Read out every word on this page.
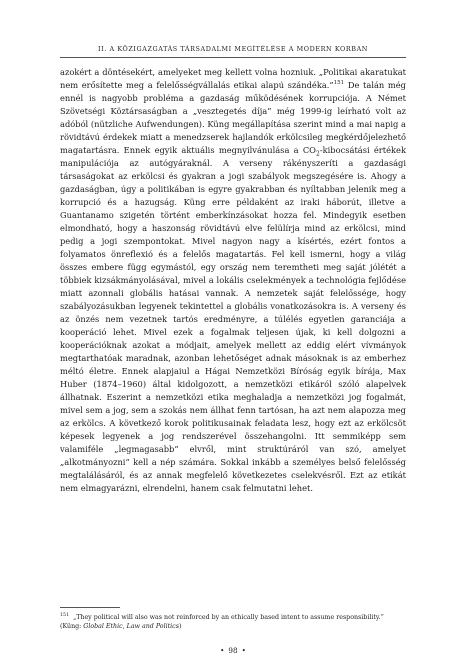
II. A KÖZIGAZGATÁS TÁRSADALMI MEGÍTÉLÉSE A MODERN KORBAN

azokért a döntésekért, amelyeket meg kellett volna hozniuk. „Politikai akaratukat nem erősítette meg a felelősségvállalás etikai alapú szándéka.”$^{151}$ De talán még ennél is nagyobb probléma a gazdaság működésének korrupciója. A Német Szövetségi Köztársaságban a „vesztegetés díja” még 1999-ig leírható volt az adóból (nützliche Aufwendungen). Küng megállapítása szerint mind a mai napig a rövidtávú érdekek miatt a menedzserek hajlandók erkölcsileg megkérdőjelezhető magatartásra. Ennek egyik aktuális megnyilvánulása a $CO_2$-kibocsátási értékek manipulációja az autógyáraknál. A verseny rákényszeríti a gazdasági társaságokat az erkölcsi és gyakran a jogi szabályok megszegésére is. Ahogy a gazdaságban, úgy a politikában is egyre gyakrabban és nyíltabban jelenik meg a korrupció és a hazugság. Küng erre példaként az iraki háborút, illetve a Guantanamo szigetén történt emberkínzásokat hozza fel. Mindegyik esetben elmondható, hogy a haszonság rövidtávú elve felülírja mind az erkölcsi, mind pedig a jogi szempontokat. Mivel nagyon nagy a kísértés, ezért fontos a folyamatos önreflexió és a felelős magatartás. Fel kell ismerni, hogy a világ összes embere függ egymástól, egy ország nem teremtheti meg saját jólétét a többiek kizsákmányolásával, mivel a lokális cselekmények a technológia fejlődése miatt azonnali globális hatásai vannak. A nemzetek saját felelőssége, hogy szabályozásukban legyenek tekintettel a globális vonatkozásokra is. A verseny és az önzés nem vezetnek tartós eredményre, a túlélés egyetlen garanciája a kooperáció lehet. Mivel ezek a fogalmak teljesen újak, ki kell dolgozni a kooperációknak azokat a módjait, amelyek mellett az eddig elért vívmányok megtarthatóak maradnak, azonban lehetőséget adnak másoknak is az emberhez méltó életre. Ennek alapjaiul a Hágai Nemzetközi Bíróság egyik bírája, Max Huber (1874–1960) által kidolgozott, a nemzetközi etikáról szóló alapelvek állhatnak. Eszerint a nemzetközi etika meghaladja a nemzetközi jog fogalmát, mivel sem a jog, sem a szokás nem állhat fenn tartósan, ha azt nem alapozza meg az erkölcs. A következő korok politikusainak feladata lesz, hogy ezt az erkölcsöt képesek legyenek a jog rendszerével összehangolni. Itt semmiképp sem valamiféle „legmagasabb” elvről, mint struktúráról van szó, amelyet „alkotmányozni” kell a nép számára. Sokkal inkább a személyes belső felelősség megtalálásáról, és az annak megfelelő következetes cselekvésről. Ezt az etikát nem elmagyarázni, elrendelni, hanem csak felmutatni lehet.

$^{151}$ „They political will also was not reinforced by an ethically based intent to assume responsibility.” (Küng: Global Ethic, Law and Politics)
• 98 •
